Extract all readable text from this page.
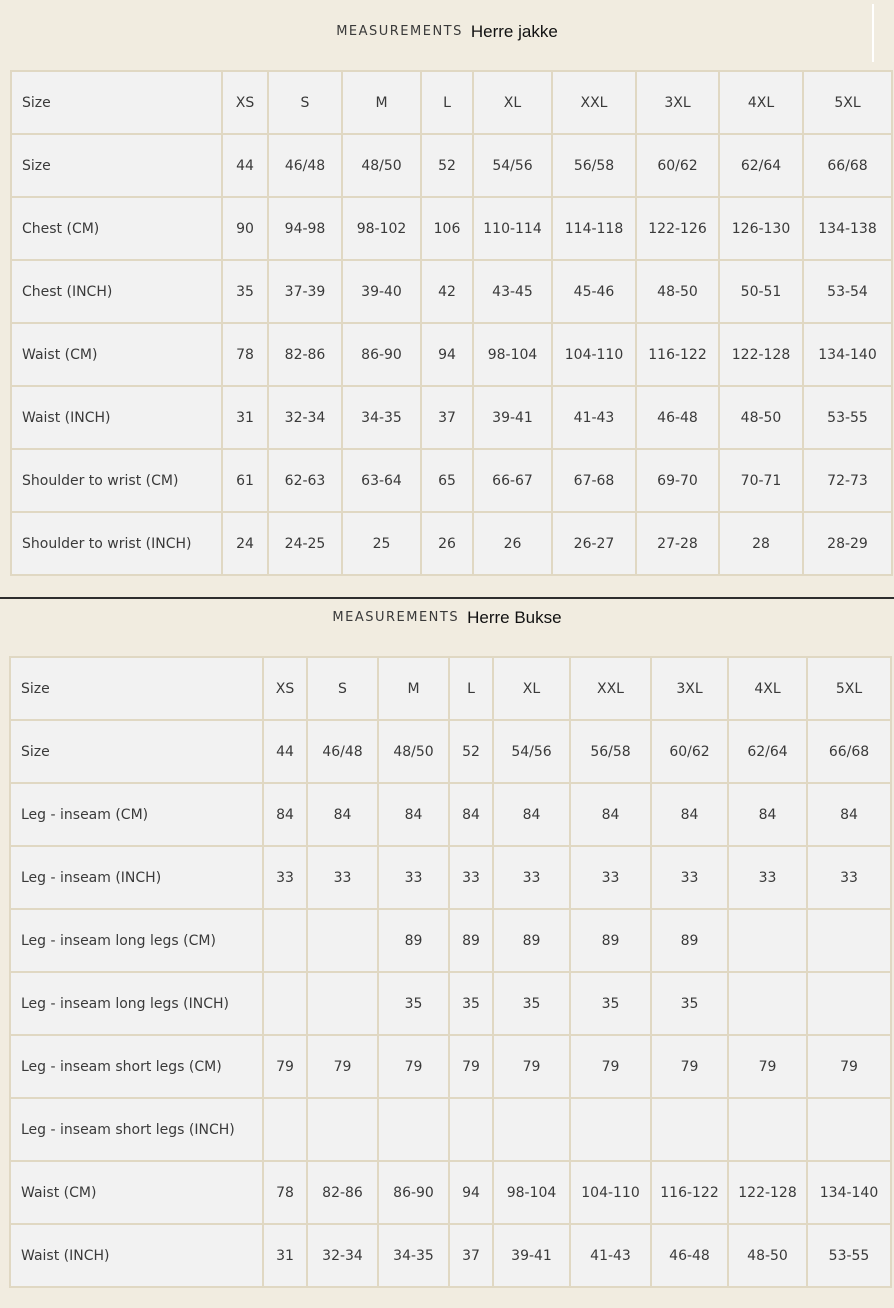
MEASUREMENTS Herre jakke
Size	XS	S	M	L	XL	XXL	3XL	4XL	5XL
Size	44	46/48	48/50	52	54/56	56/58	60/62	62/64	66/68
Chest (CM)	90	94-98	98-102	106	110-114	114-118	122-126	126-130	134-138
Chest (INCH)	35	37-39	39-40	42	43-45	45-46	48-50	50-51	53-54
Waist (CM)	78	82-86	86-90	94	98-104	104-110	116-122	122-128	134-140
Waist (INCH)	31	32-34	34-35	37	39-41	41-43	46-48	48-50	53-55
Shoulder to wrist (CM)	61	62-63	63-64	65	66-67	67-68	69-70	70-71	72-73
Shoulder to wrist (INCH)	24	24-25	25	26	26	26-27	27-28	28	28-29
MEASUREMENTS Herre Bukse
Size	XS	S	M	L	XL	XXL	3XL	4XL	5XL
Size	44	46/48	48/50	52	54/56	56/58	60/62	62/64	66/68
Leg - inseam (CM)	84	84	84	84	84	84	84	84	84
Leg - inseam (INCH)	33	33	33	33	33	33	33	33	33
Leg - inseam long legs (CM)			89	89	89	89	89		
Leg - inseam long legs (INCH)			35	35	35	35	35		
Leg - inseam short legs (CM)	79	79	79	79	79	79	79	79	79
Leg - inseam short legs (INCH)									
Waist (CM)	78	82-86	86-90	94	98-104	104-110	116-122	122-128	134-140
Waist (INCH)	31	32-34	34-35	37	39-41	41-43	46-48	48-50	53-55
